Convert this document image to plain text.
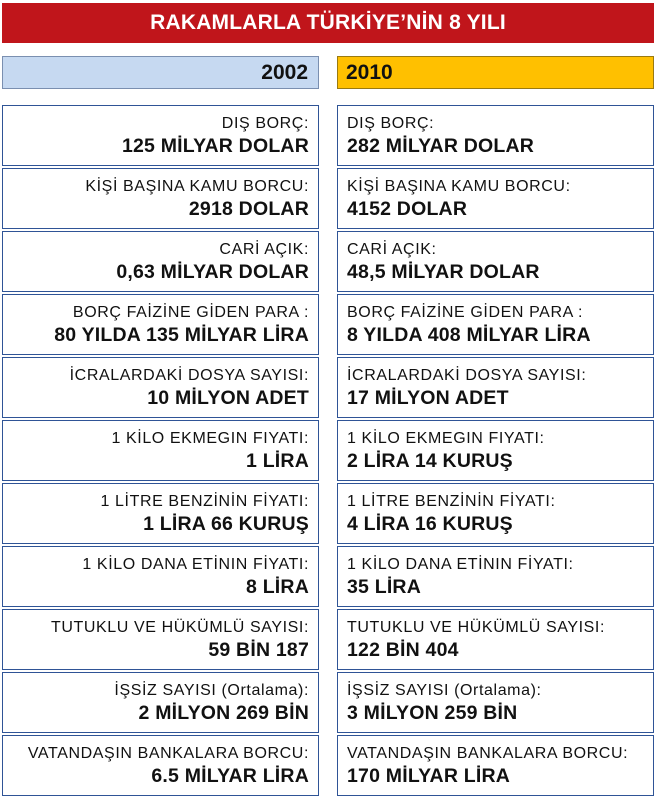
RAKAMLARLA TÜRKİYE’NİN 8 YILI
2002	2010
DIŞ BORÇ:
125 MİLYAR DOLAR
KİŞİ BAŞINA KAMU BORCU:
2918 DOLAR
CARİ AÇIK:
0,63 MİLYAR DOLAR
BORÇ FAİZİNE GİDEN PARA :
80 YILDA 135 MİLYAR LİRA
İCRALARDAKİ DOSYA SAYISI:
10 MİLYON ADET
1 KİLO EKMEGIN FIYATI:
1 LİRA
1 LİTRE BENZİNİN FİYATI:
1 LİRA 66 KURUŞ
1 KİLO DANA ETİNIN FİYATI:
8 LİRA
TUTUKLU VE HÜKÜMLÜ SAYISI:
59 BİN 187
İŞSİZ SAYISI (Ortalama):
2 MİLYON 269 BİN
VATANDAŞIN BANKALARA BORCU:
6.5 MİLYAR LİRA
DIŞ BORÇ:
282 MİLYAR DOLAR
KİŞİ BAŞINA KAMU BORCU:
4152 DOLAR
CARİ AÇIK:
48,5 MİLYAR DOLAR
BORÇ FAİZİNE GİDEN PARA :
8 YILDA 408 MİLYAR LİRA
İCRALARDAKİ DOSYA SAYISI:
17 MİLYON ADET
1 KİLO EKMEGIN FIYATI:
2 LİRA 14 KURUŞ
1 LİTRE BENZİNİN FİYATI:
4 LİRA 16 KURUŞ
1 KİLO DANA ETİNIN FİYATI:
35 LİRA
TUTUKLU VE HÜKÜMLÜ SAYISI:
122 BİN 404
İŞSİZ SAYISI (Ortalama):
3 MİLYON 259 BİN
VATANDAŞIN BANKALARA BORCU:
170 MİLYAR LİRA
